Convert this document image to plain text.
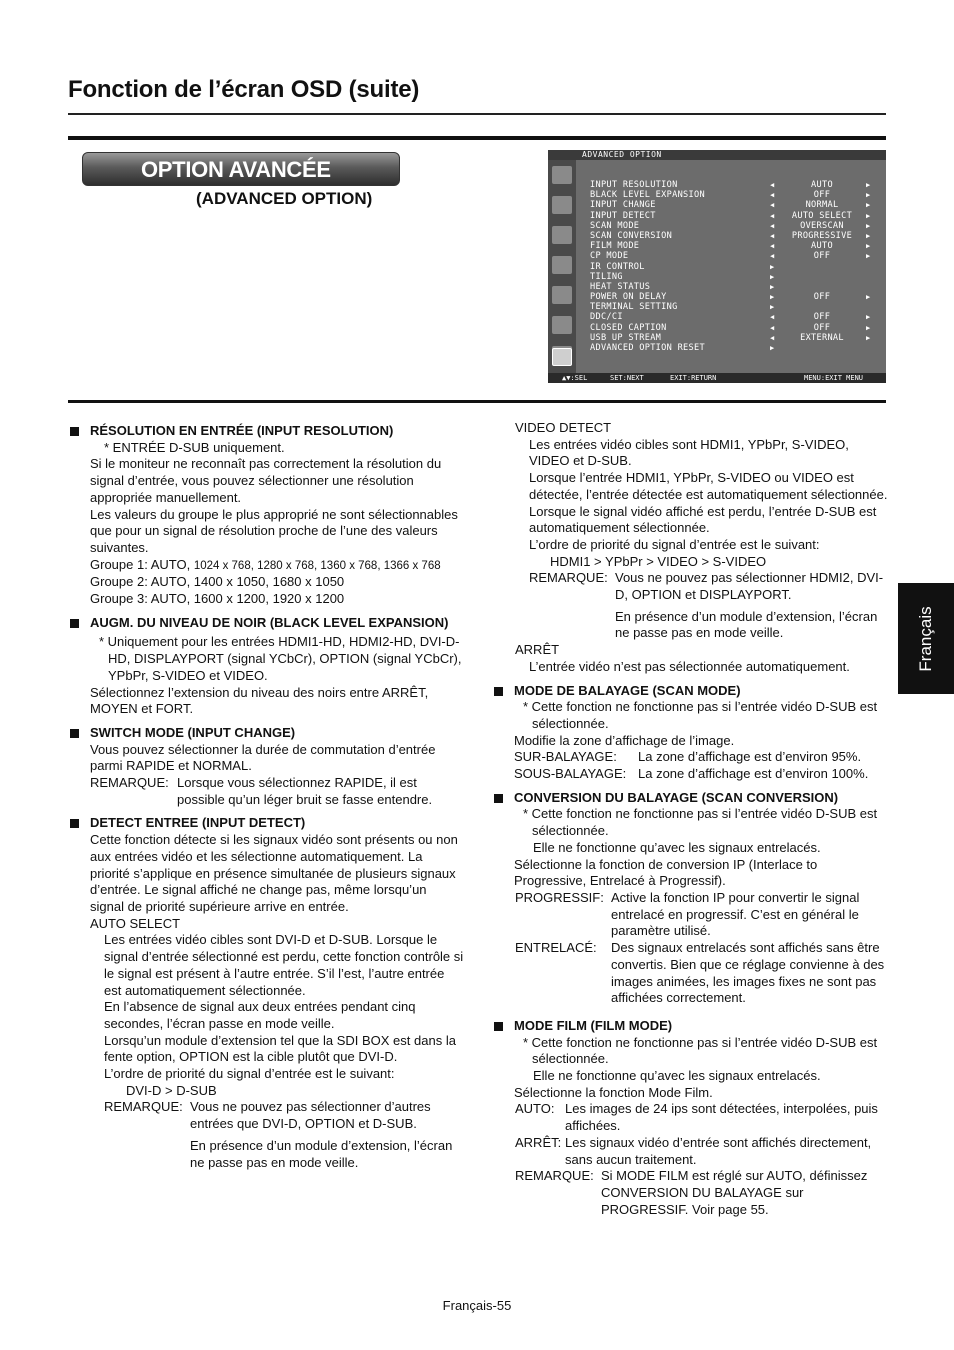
Fonction de l’écran OSD (suite)
OPTION AVANCÉE
(ADVANCED OPTION)
ADVANCED OPTION
INPUT RESOLUTION	◀	AUTO	▶
BLACK LEVEL EXPANSION	◀	OFF	▶
INPUT CHANGE	◀	NORMAL	▶
INPUT DETECT	◀	AUTO SELECT	▶
SCAN MODE	◀	OVERSCAN	▶
SCAN CONVERSION	◀	PROGRESSIVE	▶
FILM MODE	◀	AUTO	▶
CP MODE	◀	OFF	▶
IR CONTROL	▶
TILING	▶
HEAT STATUS	▶
POWER ON DELAY	▶	OFF	▶
TERMINAL SETTING	▶
DDC/CI	◀	OFF	▶
CLOSED CAPTION	◀	OFF	▶
USB UP STREAM	◀	EXTERNAL	▶
ADVANCED OPTION RESET	▶
▲▼:SEL	SET:NEXT	EXIT:RETURN	MENU:EXIT MENU
RÉSOLUTION EN ENTRÉE (INPUT RESOLUTION)
* ENTRÉE D-SUB uniquement.
Si le moniteur ne reconnaît pas correctement la résolution du signal d’entrée, vous pouvez sélectionner une résolution appropriée manuellement.
Les valeurs du groupe le plus approprié ne sont sélectionnables que pour un signal de résolution proche de l’une des valeurs suivantes.
Groupe 1: AUTO, 1024 x 768, 1280 x 768, 1360 x 768, 1366 x 768
Groupe 2: AUTO, 1400 x 1050, 1680 x 1050
Groupe 3: AUTO, 1600 x 1200, 1920 x 1200
AUGM. DU NIVEAU DE NOIR (BLACK LEVEL EXPANSION)
* Uniquement pour les entrées HDMI1-HD, HDMI2-HD, DVI-D-HD, DISPLAYPORT (signal YCbCr), OPTION (signal YCbCr), YPbPr, S-VIDEO et VIDEO.
Sélectionnez l’extension du niveau des noirs entre ARRÊT, MOYEN et FORT.
SWITCH MODE (INPUT CHANGE)
Vous pouvez sélectionner la durée de commutation d’entrée parmi RAPIDE et NORMAL.
REMARQUE: Lorsque vous sélectionnez RAPIDE, il est possible qu’un léger bruit se fasse entendre.
DETECT ENTREE (INPUT DETECT)
Cette fonction détecte si les signaux vidéo sont présents ou non aux entrées vidéo et les sélectionne automatiquement. La priorité s’applique en présence simultanée de plusieurs signaux d’entrée. Le signal affiché ne change pas, même lorsqu’un signal de priorité supérieure arrive en entrée.
AUTO SELECT
Les entrées vidéo cibles sont DVI-D et D-SUB. Lorsque le signal d’entrée sélectionné est perdu, cette fonction contrôle si le signal est présent à l’autre entrée. S’il l’est, l’autre entrée est automatiquement sélectionnée.
En l’absence de signal aux deux entrées pendant cinq secondes, l’écran passe en mode veille.
Lorsqu’un module d’extension tel que la SDI BOX est dans la fente option, OPTION est la cible plutôt que DVI-D.
L’ordre de priorité du signal d’entrée est le suivant:
DVI-D > D-SUB
REMARQUE: Vous ne pouvez pas sélectionner d’autres entrées que DVI-D, OPTION et D-SUB.
En présence d’un module d’extension, l’écran ne passe pas en mode veille.
VIDEO DETECT
Les entrées vidéo cibles sont HDMI1, YPbPr, S-VIDEO, VIDEO et D-SUB.
Lorsque l’entrée HDMI1, YPbPr, S-VIDEO ou VIDEO est détectée, l’entrée détectée est automatiquement sélectionnée.
Lorsque le signal vidéo affiché est perdu, l’entrée D-SUB est automatiquement sélectionnée.
L’ordre de priorité du signal d’entrée est le suivant:
HDMI1 > YPbPr > VIDEO > S-VIDEO
REMARQUE: Vous ne pouvez pas sélectionner HDMI2, DVI-D, OPTION et DISPLAYPORT.
En présence d’un module d’extension, l’écran ne passe pas en mode veille.
ARRÊT
L’entrée vidéo n’est pas sélectionnée automatiquement.
MODE DE BALAYAGE (SCAN MODE)
* Cette fonction ne fonctionne pas si l’entrée vidéo D-SUB est sélectionnée.
Modifie la zone d’affichage de l’image.
SUR-BALAYAGE: La zone d’affichage est d’environ 95%.
SOUS-BALAYAGE: La zone d’affichage est d’environ 100%.
CONVERSION DU BALAYAGE (SCAN CONVERSION)
* Cette fonction ne fonctionne pas si l’entrée vidéo D-SUB est sélectionnée.
Elle ne fonctionne qu’avec les signaux entrelacés.
Sélectionne la fonction de conversion IP (Interlace to Progressive, Entrelacé à Progressif).
PROGRESSIF: Active la fonction IP pour convertir le signal entrelacé en progressif. C’est en général le paramètre utilisé.
ENTRELACÉ:	Des signaux entrelacés sont affichés sans être convertis. Bien que ce réglage convienne à des images animées, les images fixes ne sont pas affichées correctement.
MODE FILM (FILM MODE)
* Cette fonction ne fonctionne pas si l’entrée vidéo D-SUB est sélectionnée.
Elle ne fonctionne qu’avec les signaux entrelacés.
Sélectionne la fonction Mode Film.
AUTO: Les images de 24 ips sont détectées, interpolées, puis affichées.
ARRÊT: Les signaux vidéo d’entrée sont affichés directement, sans aucun traitement.
REMARQUE: Si MODE FILM est réglé sur AUTO, définissez CONVERSION DU BALAYAGE sur PROGRESSIF. Voir page 55.
Français
Français-55
